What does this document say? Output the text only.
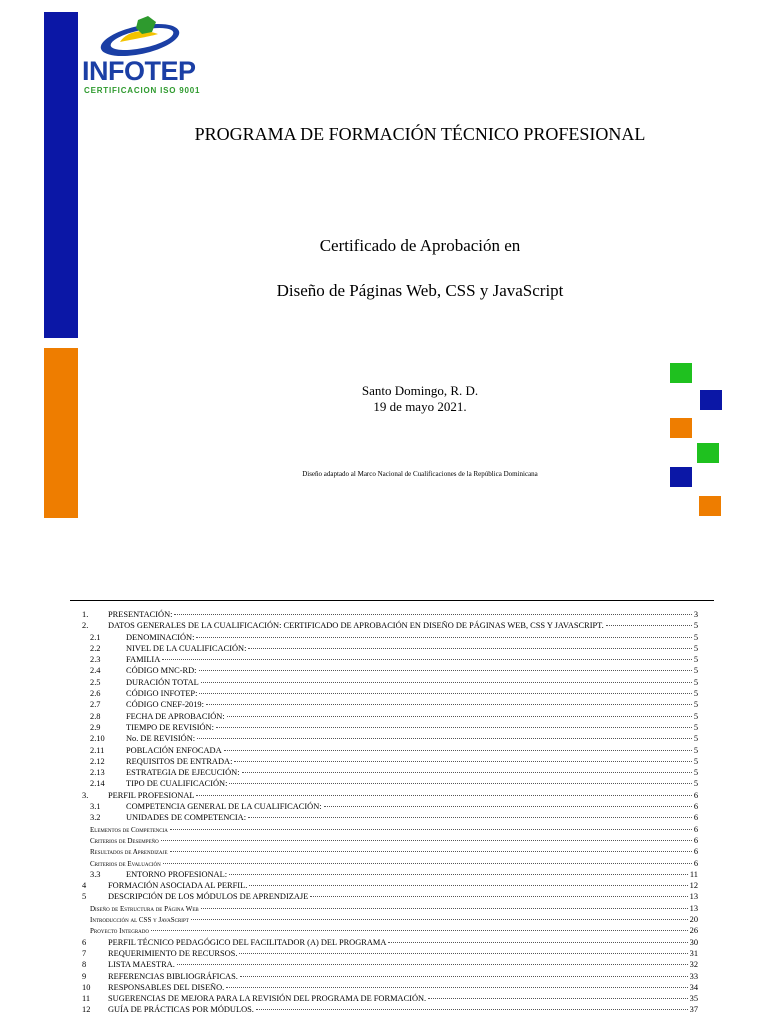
INFOTEP
CERTIFICACION ISO 9001
PROGRAMA DE FORMACIÓN TÉCNICO PROFESIONAL
Certificado de Aprobación en
Diseño de Páginas Web, CSS y JavaScript
Santo Domingo, R. D.
19 de mayo 2021.
Diseño adaptado al Marco Nacional de Cualificaciones de la República Dominicana
1.	PRESENTACIÓN:	3
2.	DATOS GENERALES DE LA CUALIFICACIÓN: CERTIFICADO DE APROBACIÓN EN DISEÑO DE PÁGINAS WEB, CSS Y JAVASCRIPT.	5
2.1	DENOMINACIÓN:	5
2.2	NIVEL DE LA CUALIFICACIÓN:	5
2.3	FAMILIA	5
2.4	CÓDIGO MNC-RD:	5
2.5	DURACIÓN TOTAL	5
2.6	CÓDIGO INFOTEP:	5
2.7	CÓDIGO CNEF-2019:	5
2.8	FECHA DE APROBACIÓN:	5
2.9	TIEMPO DE REVISIÓN:	5
2.10	No. DE REVISIÓN:	5
2.11	POBLACIÓN ENFOCADA	5
2.12	REQUISITOS DE ENTRADA:	5
2.13	ESTRATEGIA DE EJECUCIÓN:	5
2.14	TIPO DE CUALIFICACIÓN:	5
3.	PERFIL PROFESIONAL	6
3.1	COMPETENCIA GENERAL DE LA CUALIFICACIÓN:	6
3.2	UNIDADES DE COMPETENCIA:	6
Elementos de Competencia	6
Criterios de Desempeño	6
Resultados de Aprendizaje	6
Criterios de Evaluación	6
3.3	ENTORNO PROFESIONAL:	11
4	FORMACIÓN ASOCIADA AL PERFIL.	12
5	DESCRIPCIÓN DE LOS MÓDULOS DE APRENDIZAJE	13
Diseño de Estructura de Página Web	13
Introducción al CSS y JavaScript	20
Proyecto Integrado	26
6	PERFIL TÉCNICO PEDAGÓGICO DEL FACILITADOR (A) DEL PROGRAMA	30
7	REQUERIMIENTO DE RECURSOS.	31
8	LISTA MAESTRA.	32
9	REFERENCIAS BIBLIOGRÁFICAS.	33
10	RESPONSABLES DEL DISEÑO.	34
11	SUGERENCIAS DE MEJORA PARA LA REVISIÓN DEL PROGRAMA DE FORMACIÓN.	35
12	GUÍA DE PRÁCTICAS POR MÓDULOS.	37
